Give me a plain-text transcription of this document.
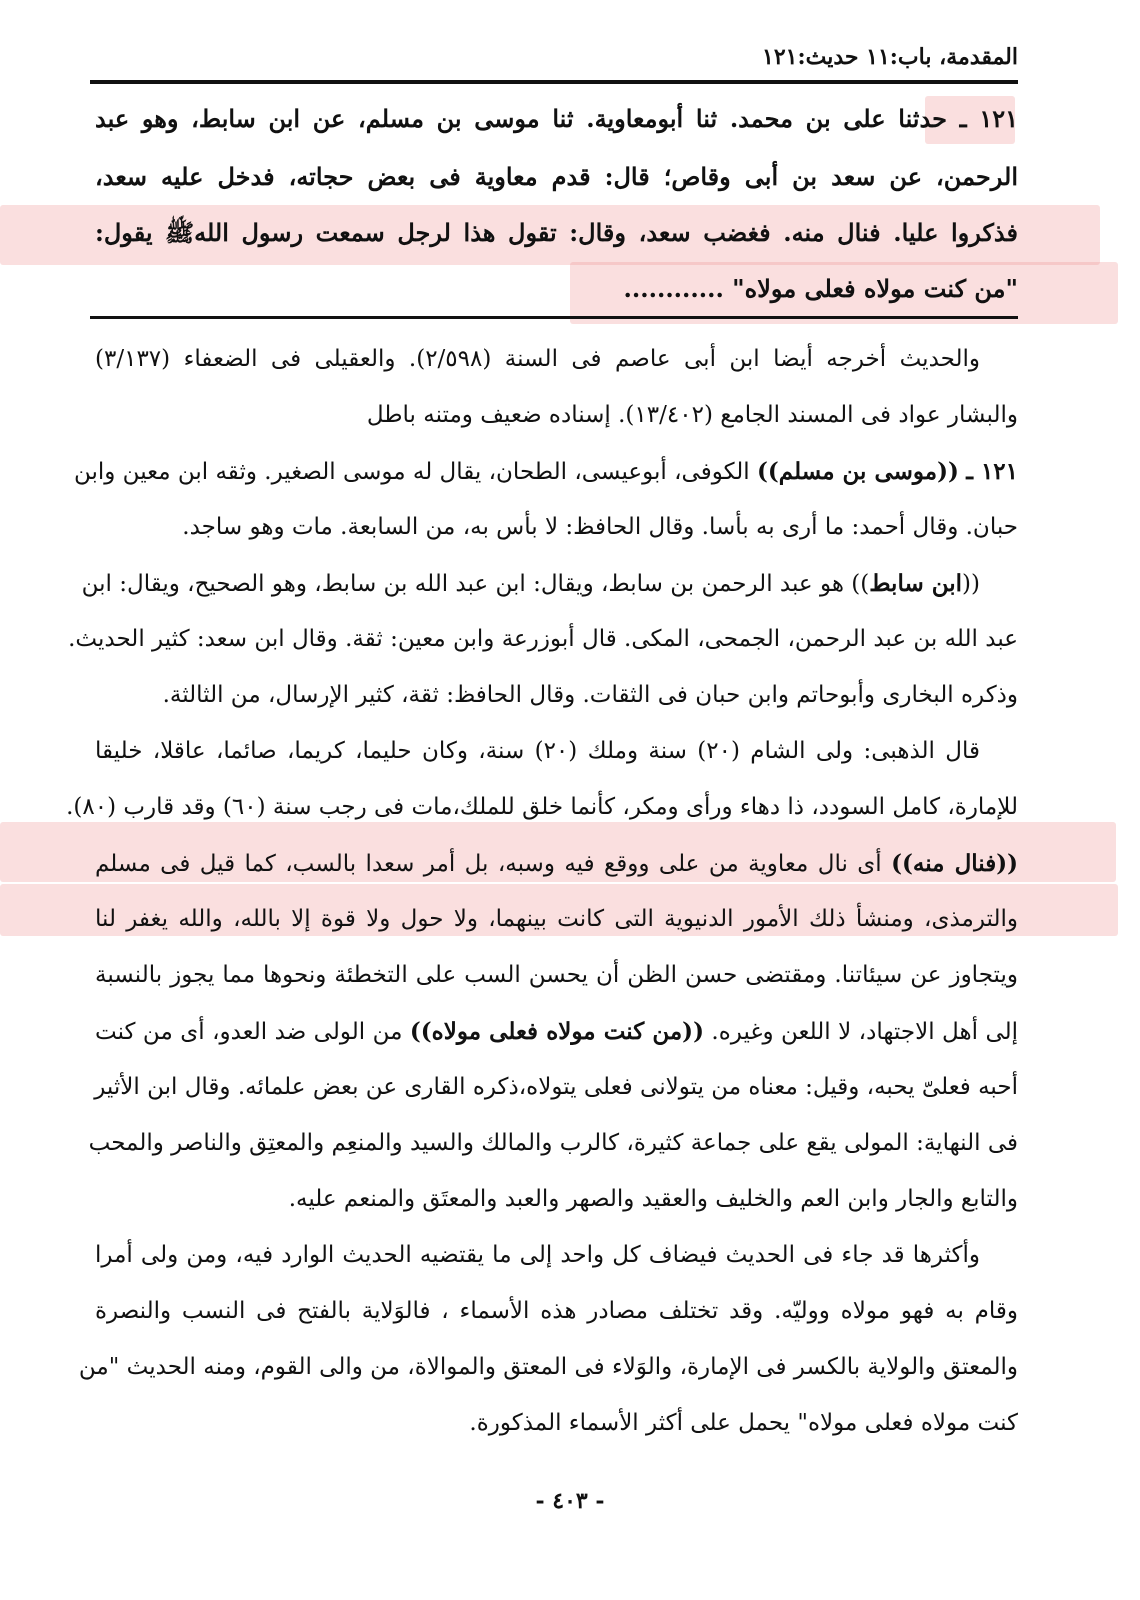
المقدمة، باب:١١ حديث:١٢١
١٢١ ـ حدثنا على بن محمد. ثنا أبومعاوية. ثنا موسى بن مسلم، عن ابن سابط، وهو عبد
الرحمن، عن سعد بن أبى وقاص؛ قال: قدم معاوية فى بعض حجاته، فدخل عليه سعد،
فذكروا عليا. فنال منه. فغضب سعد، وقال: تقول هذا لرجل سمعت رسول اللهﷺ يقول:
"من كنت مولاه فعلى مولاه" ............
والحديث أخرجه أيضا ابن أبى عاصم فى السنة (٢/٥٩٨). والعقيلى فى الضعفاء (٣/١٣٧)
والبشار عواد فى المسند الجامع (١٣/٤٠٢). إسناده ضعيف ومتنه باطل
١٢١ ـ ((موسى بن مسلم)) الكوفى، أبوعيسى، الطحان، يقال له موسى الصغير. وثقه ابن معين وابن
حبان. وقال أحمد: ما أرى به بأسا. وقال الحافظ: لا بأس به، من السابعة. مات وهو ساجد.
((ابن سابط)) هو عبد الرحمن بن سابط، ويقال: ابن عبد الله بن سابط، وهو الصحيح، ويقال: ابن
عبد الله بن عبد الرحمن، الجمحى، المكى. قال أبوزرعة وابن معين: ثقة. وقال ابن سعد: كثير الحديث.
وذكره البخارى وأبوحاتم وابن حبان فى الثقات. وقال الحافظ: ثقة، كثير الإرسال، من الثالثة.
قال الذهبى: ولى الشام (٢٠) سنة وملك (٢٠) سنة، وكان حليما، كريما، صائما، عاقلا، خليقا
للإمارة، كامل السودد، ذا دهاء ورأى ومكر، كأنما خلق للملك،مات فى رجب سنة (٦٠) وقد قارب (٨٠).
((فنال منه)) أى نال معاوية من على ووقع فيه وسبه، بل أمر سعدا بالسب، كما قيل فى مسلم
والترمذى، ومنشأ ذلك الأمور الدنيوية التى كانت بينهما، ولا حول ولا قوة إلا بالله، والله يغفر لنا
ويتجاوز عن سيئاتنا. ومقتضى حسن الظن أن يحسن السب على التخطئة ونحوها مما يجوز بالنسبة
إلى أهل الاجتهاد، لا اللعن وغيره. ((من كنت مولاه فعلى مولاه)) من الولى ضد العدو، أى من كنت
أحبه فعلىّ يحبه، وقيل: معناه من يتولانى فعلى يتولاه،ذكره القارى عن بعض علمائه. وقال ابن الأثير
فى النهاية: المولى يقع على جماعة كثيرة، كالرب والمالك والسيد والمنعِم والمعتِق والناصر والمحب
والتابع والجار وابن العم والخليف والعقيد والصهر والعبد والمعتَق والمنعم عليه.
وأكثرها قد جاء فى الحديث فيضاف كل واحد إلى ما يقتضيه الحديث الوارد فيه، ومن ولى أمرا
وقام به فهو مولاه ووليّه. وقد تختلف مصادر هذه الأسماء ، فالوَلاية بالفتح فى النسب والنصرة
والمعتق والولاية بالكسر فى الإمارة، والوَلاء فى المعتق والموالاة، من والى القوم، ومنه الحديث "من
كنت مولاه فعلى مولاه" يحمل على أكثر الأسماء المذكورة.
- ٤٠٣ -
